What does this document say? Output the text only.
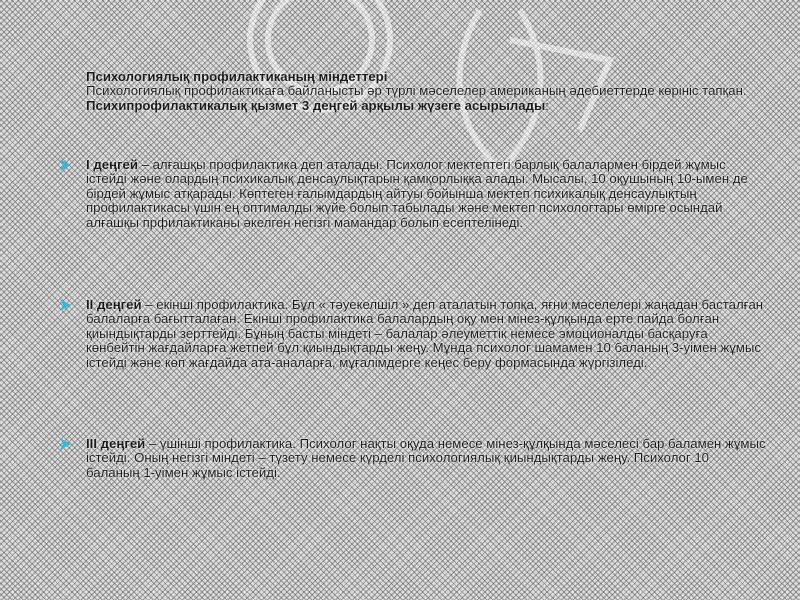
Психологиялық профилактиканың міндеттері
Психологиялық профилактикаға байланысты әр түрлі мәселелер американың әдебиеттерде көрініс тапқан. Психипрофилактикалық қызмет 3 деңгей арқылы жүзеге асырылады:
I деңгей – алғашқы профилактика деп аталады. Психолог мектептегі барлық балалармен бірдей жұмыс істейді және олардың психикалық денсаулықтарын қамқорлыққа алады. Мысалы, 10 оқушының 10-ымен де бірдей жұмыс атқарады. Көптеген ғалымдардың айтуы бойынша мектеп психикалық денсаулықтың профилактикасы үшін ең оптималды жүйе болып табылады және мектеп психологтары өмірге осындай алғашқы прфилактиканы әкелген негізгі мамандар болып есептелінеді.
II деңгей – екінші профилактика. Бұл « тәуекелшіл » деп аталатын топқа, яғни мәселелері жаңадан басталған балаларға бағытталаған. Екінші профилактика балалардың оқу мен мінез-құлқында ерте пайда болған қиындықтарды зерттейді. Бұның басты міндеті – балалар әлеуметтік немесе эмоционалды басқаруға көнбейтін жағдайларға жетпей бұл қиындықтарды жеңу. Мұнда психолог шамамен 10 баланың 3-уімен жұмыс істейді және көп жағдайда ата-аналарға, мұғалімдерге кеңес беру формасында жүргізіледі.
III деңгей – үшінші профилактика. Психолог нақты оқуда немесе мінез-құлқында мәселесі бар баламен жұмыс істейді. Оның негізгі міндеті – түзету немесе күрделі психологиялық қиындықтарды жеңу. Психолог 10 баланың 1-уімен жұмыс істейді.
